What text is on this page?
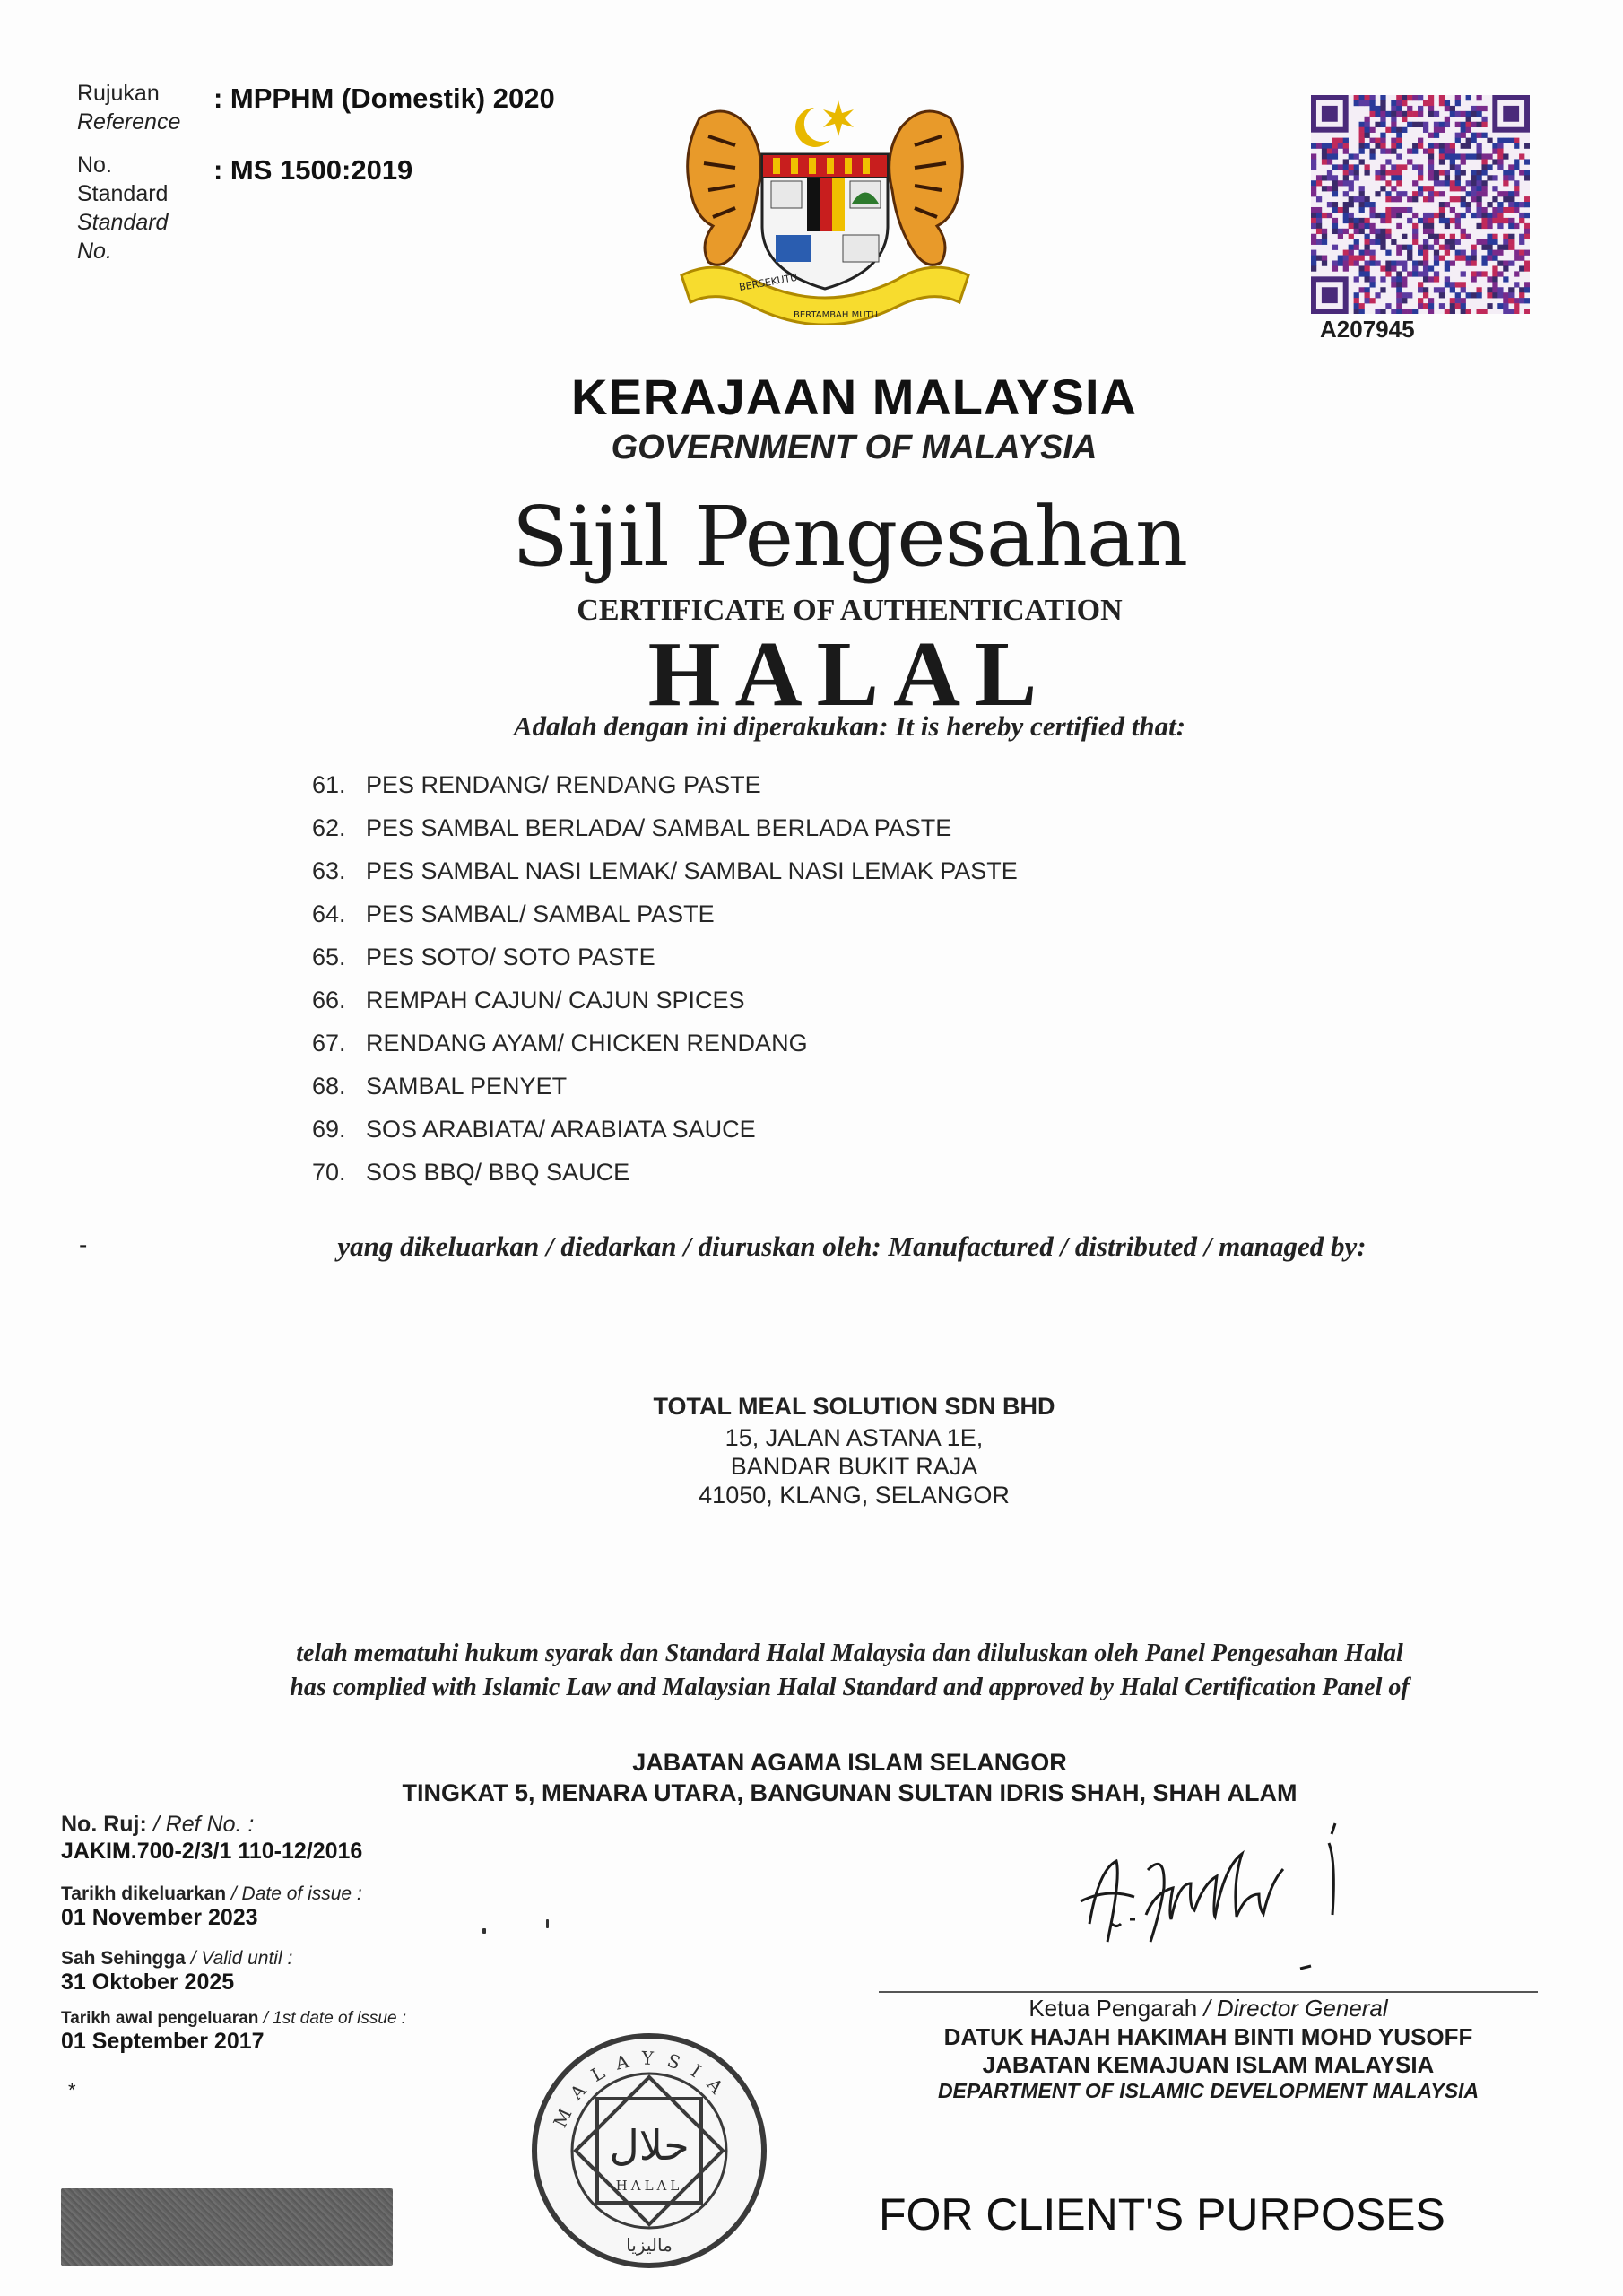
Rujukan
Reference
: MPPHM (Domestik) 2020
No.
Standard
Standard
No.
: MS 1500:2019
BERSEKUTU
BERTAMBAH MUTU
A207945
KERAJAAN MALAYSIA
GOVERNMENT OF MALAYSIA
Sijil Pengesahan
CERTIFICATE OF AUTHENTICATION
HALAL
Adalah dengan ini diperakukan: It is hereby certified that:
61. PES RENDANG/ RENDANG PASTE
62. PES SAMBAL BERLADA/ SAMBAL BERLADA PASTE
63. PES SAMBAL NASI LEMAK/ SAMBAL NASI LEMAK PASTE
64. PES SAMBAL/ SAMBAL PASTE
65. PES SOTO/ SOTO PASTE
66. REMPAH CAJUN/ CAJUN SPICES
67. RENDANG AYAM/ CHICKEN RENDANG
68. SAMBAL PENYET
69. SOS ARABIATA/ ARABIATA SAUCE
70. SOS BBQ/ BBQ SAUCE
-	yang dikeluarkan / diedarkan / diuruskan oleh: Manufactured / distributed / managed by:
TOTAL MEAL SOLUTION SDN BHD
15, JALAN ASTANA 1E,
BANDAR BUKIT RAJA
41050, KLANG, SELANGOR
telah mematuhi hukum syarak dan Standard Halal Malaysia dan diluluskan oleh Panel Pengesahan Halal
has complied with Islamic Law and Malaysian Halal Standard and approved by Halal Certification Panel of
JABATAN AGAMA ISLAM SELANGOR
TINGKAT 5, MENARA UTARA, BANGUNAN SULTAN IDRIS SHAH, SHAH ALAM
No. Ruj: / Ref No. :
JAKIM.700-2/3/1 110-12/2016
Tarikh dikeluarkan / Date of issue :
01 November 2023
Sah Sehingga / Valid until :
31 Oktober 2025
Tarikh awal pengeluaran / 1st date of issue :
01 September 2017
*
Ketua Pengarah / Director General
DATUK HAJAH HAKIMAH BINTI MOHD YUSOFF
JABATAN KEMAJUAN ISLAM MALAYSIA
DEPARTMENT OF ISLAMIC DEVELOPMENT MALAYSIA
MALAYSIA
حلال
HALAL
ماليزيا
FOR CLIENT'S PURPOSES
